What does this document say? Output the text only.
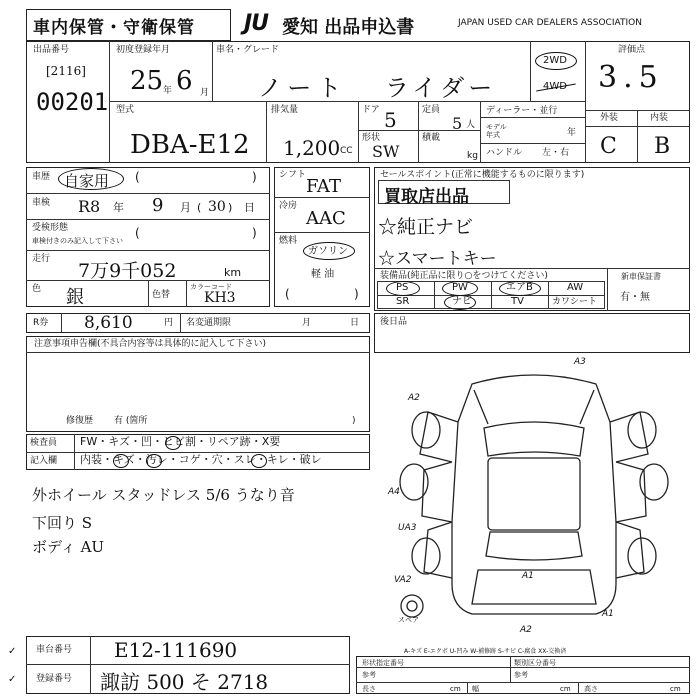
車内保管・守衛保管 JU 愛知 出品申込書	JAPAN USED CAR DEALERS ASSOCIATION
出品番号
[2116]
00201
初度登録年月
25 年 6 月
車名・グレード
ノート ライダー
2WD
4WD
評価点
3.5
型式
DBA-E12
排気量
1,200 CC
ドア 5	定員
5 人
形状
SW
積載
kg
ディーラー・並行
モデル年式	年
ハンドル 左・右
外装	内装
C B
車歴 自家用 (	)
車検 R8 年 9 月 ( 30 ) 日
受検形態
車検付きのみ記入して下さい
(	)
走行
7万9千052	km
色 銀	色替
カラーコード
KH3
シフト
FAT
冷房
AAC
燃料
ガソリン
軽 油
(	)
セールスポイント(正常に機能するものに限ります)
買取店出品
☆純正ナビ
☆スマートキー
装備品(純正品に限り○をつけてください)
PS	PW	エアB	AW
SR	ナビ	TV	カワシート
新車保証書
有・無
R券 8,610	円 名変通期限	月	日 後日品
注意事項申告欄(不具合内容等は具体的に記入して下さい)
修復歴 有 (箇所	)
検査員 FW・キズ・凹・ヒビ割・リペア跡・X要
記入欄 内装・キズ・汚レ・コゲ・穴・スレ・キレ・破レ
外ホイール スタッドレス 5/6 うなり音
下回り S
ボディ AU
A3
A2
A4
UA3
VA2	A1
A2
A1
スペア
A-キズ E-エクボ U-凹み W-補修跡 S-サビ C-腐食 XX-交換済
車台番号 E12-111690
登録番号 諏訪 500 そ 2718
✓
✓
形状指定番号	類別区分番号
参考	参考
長さ	cm 幅	cm 高さ	cm
